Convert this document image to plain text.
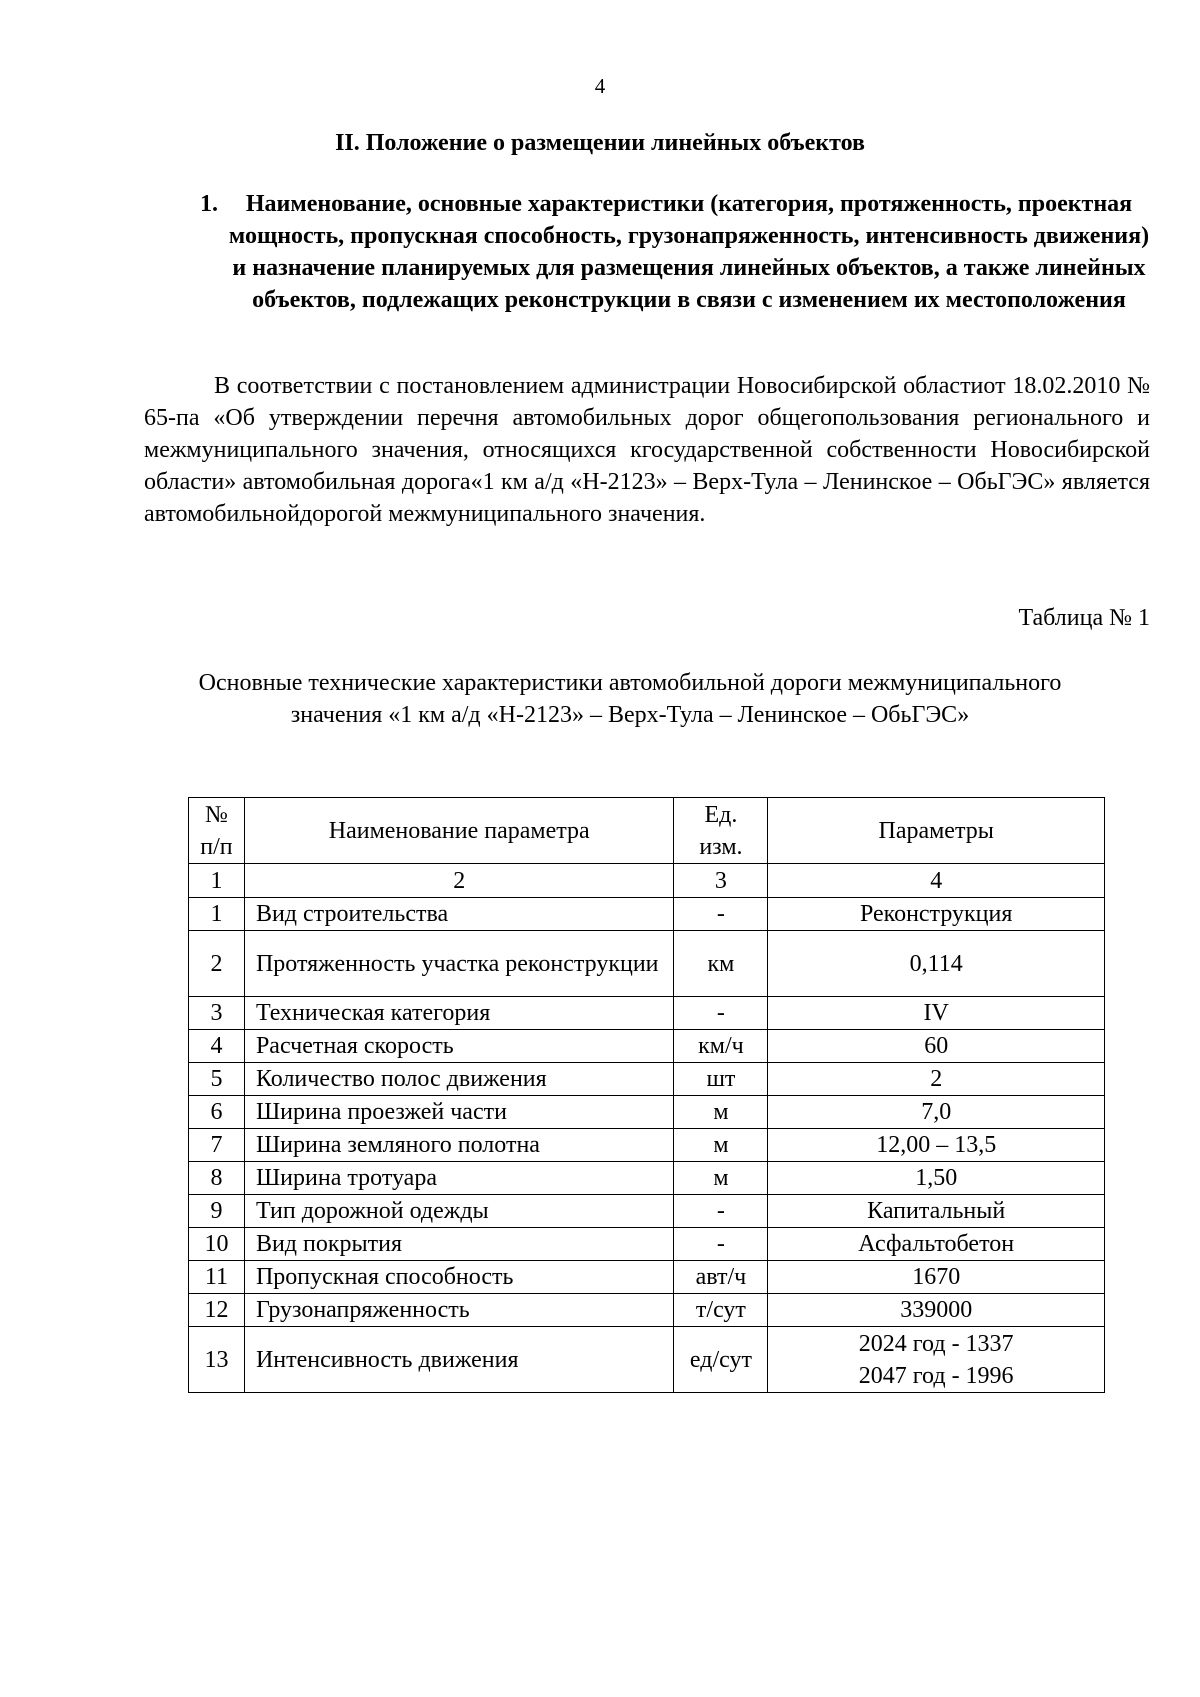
4
II. Положение о размещении линейных объектов
1.	Наименование, основные характеристики (категория, протяженность, проектная мощность, пропускная способность, грузонапряженность, интенсивность движения) и назначение планируемых для размещения линейных объектов, а также линейных объектов, подлежащих реконструкции в связи с изменением их местоположения
В соответствии с постановлением администрации Новосибирской областиот 18.02.2010 № 65-па «Об утверждении перечня автомобильных дорог общегопользования регионального и межмуниципального значения, относящихся кгосударственной собственности Новосибирской области» автомобильная дорога«1 км а/д «Н-2123» – Верх-Тула – Ленинское – ОбьГЭС» является автомобильнойдорогой межмуниципального значения.
Таблица № 1
Основные технические характеристики автомобильной дороги межмуниципального значения «1 км а/д «Н-2123» – Верх-Тула – Ленинское – ОбьГЭС»
№ п/п	Наименование параметра	Ед. изм.	Параметры
1	2	3	4
1	Вид строительства	-	Реконструкция
2	Протяженность участка реконструкции	км	0,114
3	Техническая категория	-	IV
4	Расчетная скорость	км/ч	60
5	Количество полос движения	шт	2
6	Ширина проезжей части	м	7,0
7	Ширина земляного полотна	м	12,00 – 13,5
8	Ширина тротуара	м	1,50
9	Тип дорожной одежды	-	Капитальный
10	Вид покрытия	-	Асфальтобетон
11	Пропускная способность	авт/ч	1670
12	Грузонапряженность	т/сут	339000
13	Интенсивность движения	ед/сут	2024 год - 1337
2047 год - 1996
